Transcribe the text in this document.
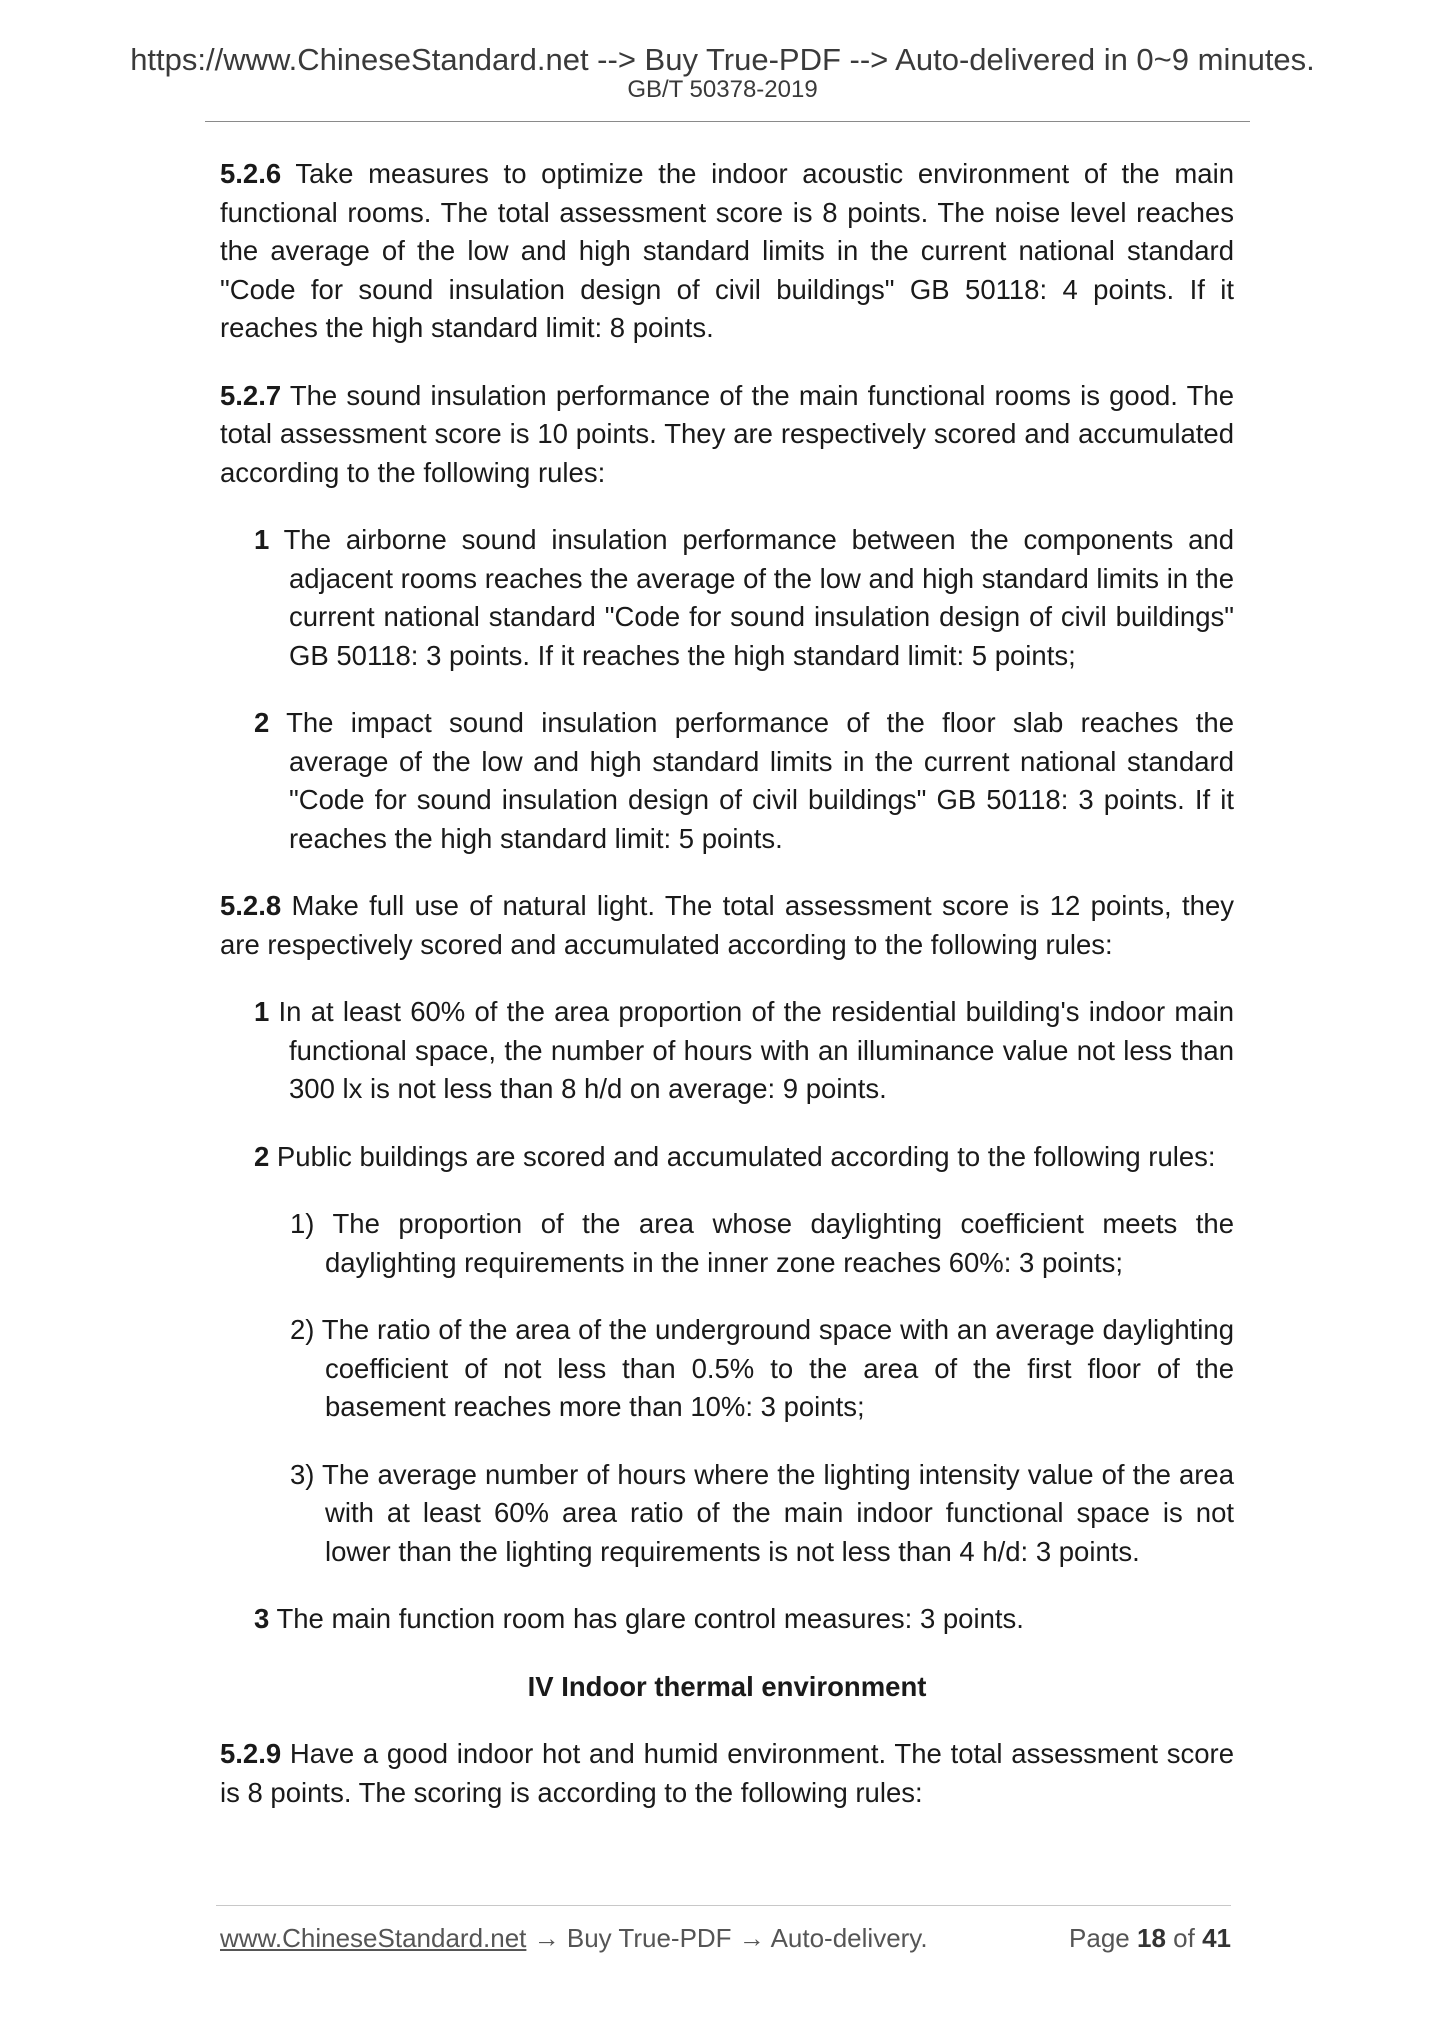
https://www.ChineseStandard.net --> Buy True-PDF --> Auto-delivered in 0~9 minutes.
GB/T 50378-2019

5.2.6 Take measures to optimize the indoor acoustic environment of the main functional rooms. The total assessment score is 8 points. The noise level reaches the average of the low and high standard limits in the current national standard "Code for sound insulation design of civil buildings" GB 50118: 4 points. If it reaches the high standard limit: 8 points.

5.2.7 The sound insulation performance of the main functional rooms is good. The total assessment score is 10 points. They are respectively scored and accumulated according to the following rules:

1 The airborne sound insulation performance between the components and adjacent rooms reaches the average of the low and high standard limits in the current national standard "Code for sound insulation design of civil buildings" GB 50118: 3 points. If it reaches the high standard limit: 5 points;

2 The impact sound insulation performance of the floor slab reaches the average of the low and high standard limits in the current national standard "Code for sound insulation design of civil buildings" GB 50118: 3 points. If it reaches the high standard limit: 5 points.

5.2.8 Make full use of natural light. The total assessment score is 12 points, they are respectively scored and accumulated according to the following rules:

1 In at least 60% of the area proportion of the residential building's indoor main functional space, the number of hours with an illuminance value not less than 300 lx is not less than 8 h/d on average: 9 points.

2 Public buildings are scored and accumulated according to the following rules:

1) The proportion of the area whose daylighting coefficient meets the daylighting requirements in the inner zone reaches 60%: 3 points;

2) The ratio of the area of the underground space with an average daylighting coefficient of not less than 0.5% to the area of the first floor of the basement reaches more than 10%: 3 points;

3) The average number of hours where the lighting intensity value of the area with at least 60% area ratio of the main indoor functional space is not lower than the lighting requirements is not less than 4 h/d: 3 points.

3 The main function room has glare control measures: 3 points.

IV Indoor thermal environment

5.2.9 Have a good indoor hot and humid environment. The total assessment score is 8 points. The scoring is according to the following rules:

www.ChineseStandard.net → Buy True-PDF → Auto-delivery.	Page 18 of 41
